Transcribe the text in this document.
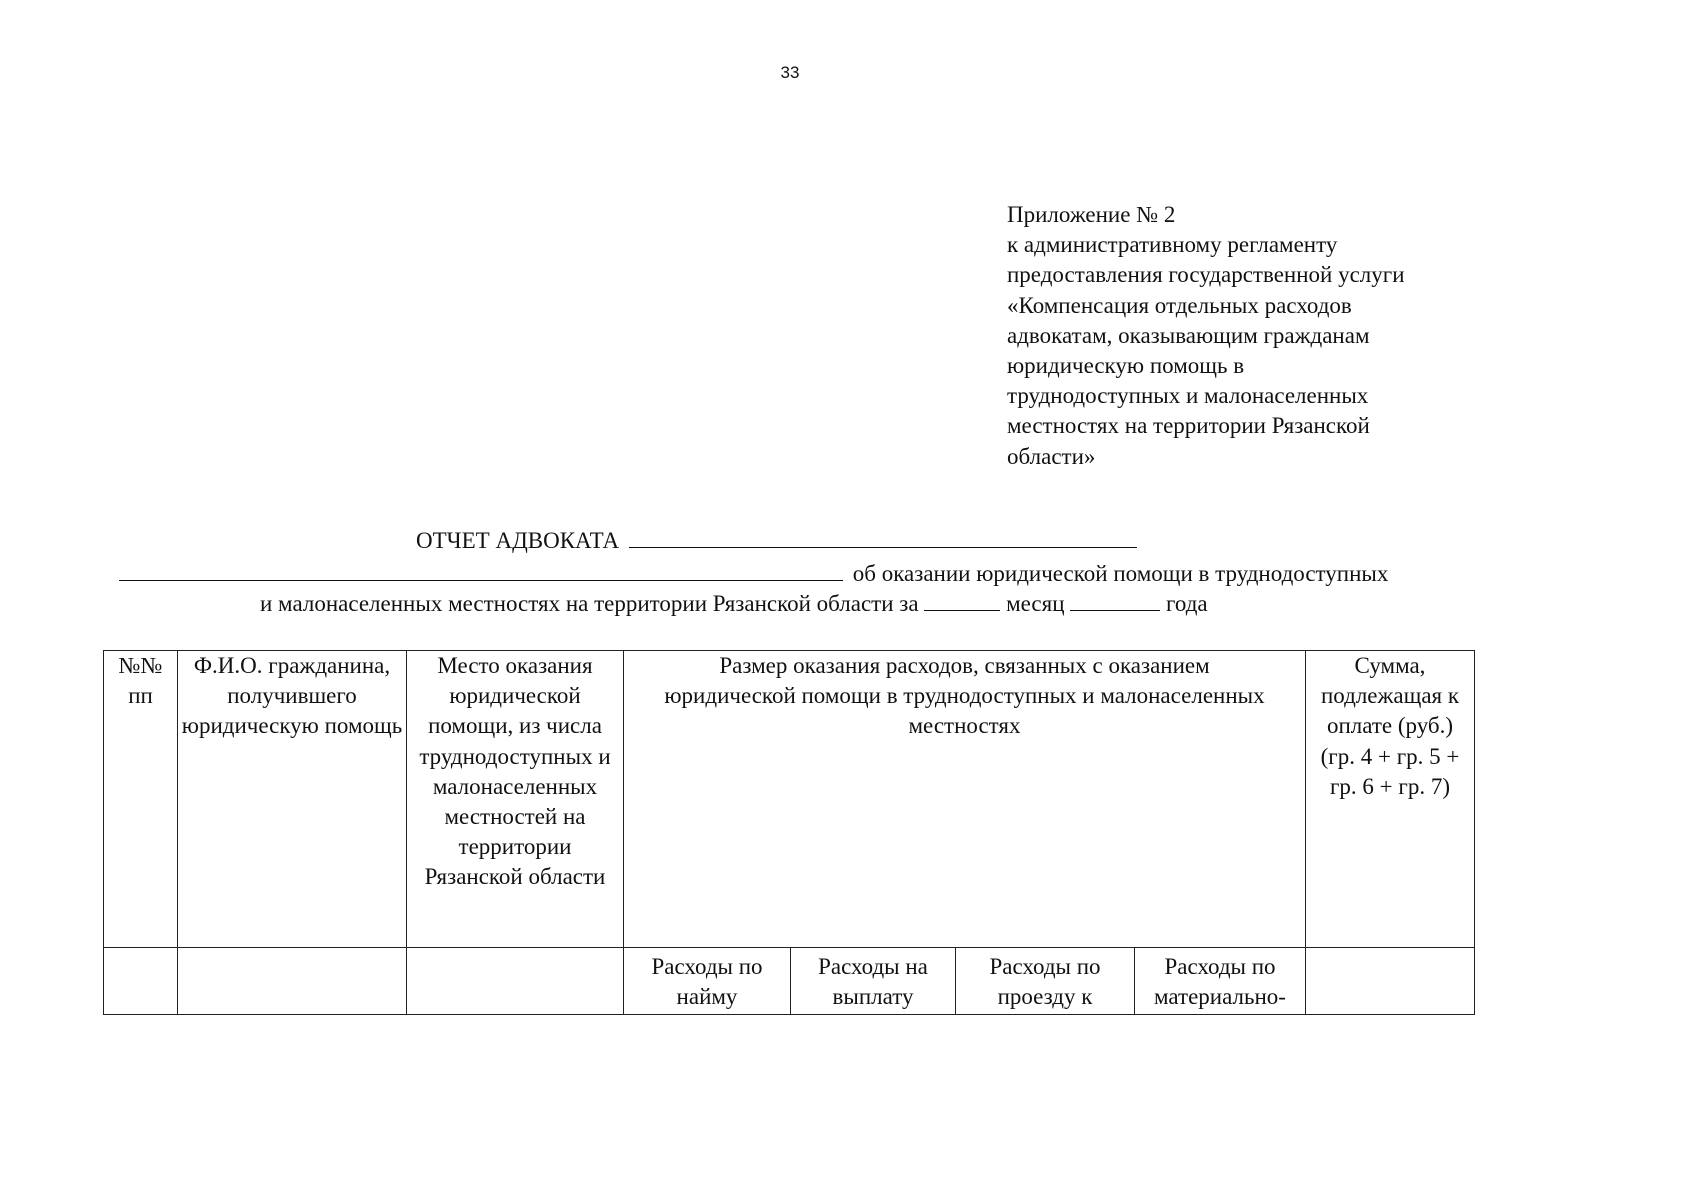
33
Приложение № 2
к административному регламенту
предоставления государственной услуги
«Компенсация отдельных расходов
адвокатам, оказывающим гражданам
юридическую помощь в
труднодоступных и малонаселенных
местностях на территории Рязанской
области»
ОТЧЕТ АДВОКАТА
об оказании юридической помощи в труднодоступных
и малонаселенных местностях на территории Рязанской области за	месяц	года
№№ пп	Ф.И.О. гражданина, получившего юридическую помощь	Место оказания юридической помощи, из числа труднодоступных и малонаселенных местностей на территории Рязанской области	Размер оказания расходов, связанных с оказанием юридической помощи в труднодоступных и малонаселенных местностях				Сумма, подлежащая к оплате (руб.) (гр. 4 + гр. 5 + гр. 6 + гр. 7)

			Расходы по найму	Расходы на выплату	Расходы по проезду к	Расходы по материально-	
